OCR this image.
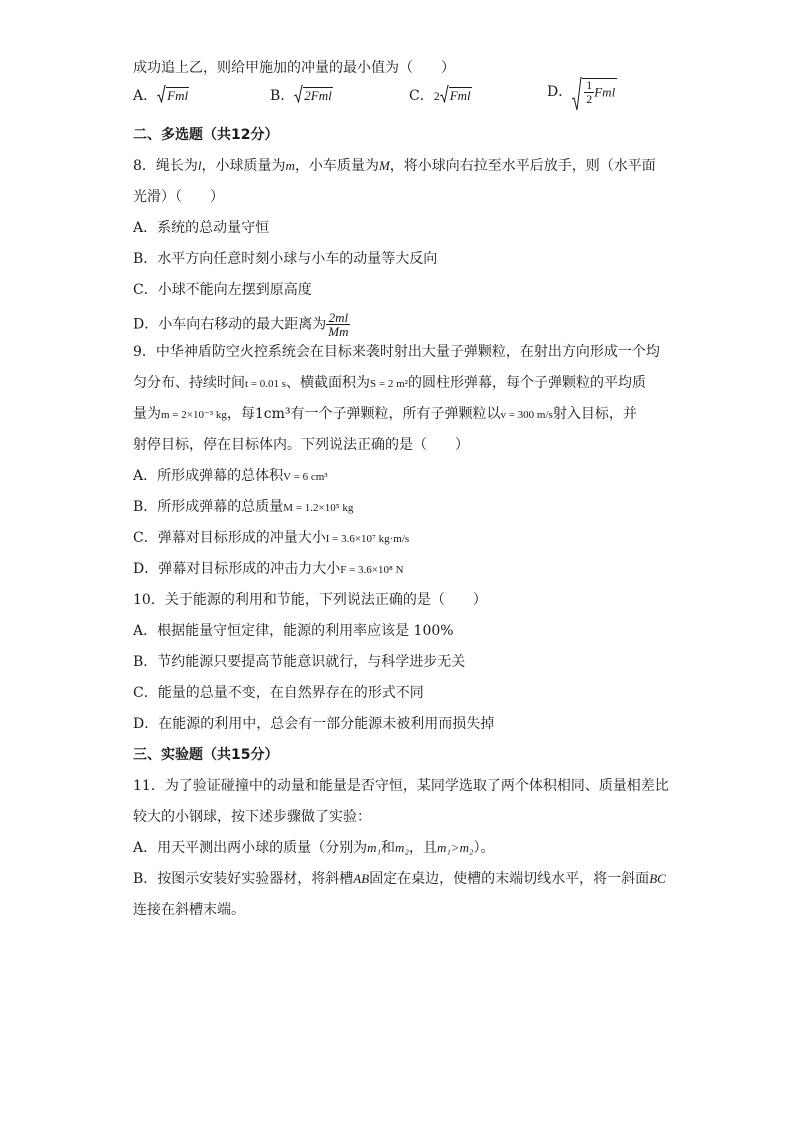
成功追上乙，则给甲施加的冲量的最小值为（　　）
A． Fml	B． 2Fml	C．2 Fml	D． $\frac{1}{2}$ Fml
二、多选题（共12分）
8．绳长为l，小球质量为m，小车质量为M，将小球向右拉至水平后放手，则（水平面
光滑）（　　）
A．系统的总动量守恒
B．水平方向任意时刻小球与小车的动量等大反向
C．小球不能向左摆到原高度
D．小车向右移动的最大距离为 $\frac{2ml}{Mm}$
9．中华神盾防空火控系统会在目标来袭时射出大量子弹颗粒，在射出方向形成一个均
匀分布、持续时间t = 0.01 s、横截面积为S = 2 m²的圆柱形弹幕，每个子弹颗粒的平均质
量为m = 2×10⁻³ kg，每1cm³有一个子弹颗粒，所有子弹颗粒以v = 300 m/s射入目标，并
射停目标，停在目标体内。下列说法正确的是（　　）
A．所形成弹幕的总体积V = 6 cm³
B．所形成弹幕的总质量M = 1.2×10⁵ kg
C．弹幕对目标形成的冲量大小I = 3.6×10⁷ kg·m/s
D．弹幕对目标形成的冲击力大小F = 3.6×10⁸ N
10．关于能源的利用和节能，下列说法正确的是（　　）
A．根据能量守恒定律，能源的利用率应该是 100%
B．节约能源只要提高节能意识就行，与科学进步无关
C．能量的总量不变，在自然界存在的形式不同
D．在能源的利用中，总会有一部分能源未被利用而损失掉
三、实验题（共15分）
11．为了验证碰撞中的动量和能量是否守恒，某同学选取了两个体积相同、质量相差比
较大的小钢球，按下述步骤做了实验：
A．用天平测出两小球的质量（分别为m₁和m₂，且m₁>m₂）。
B．按图示安装好实验器材，将斜槽AB固定在桌边，使槽的末端切线水平，将一斜面BC
连接在斜槽末端。
